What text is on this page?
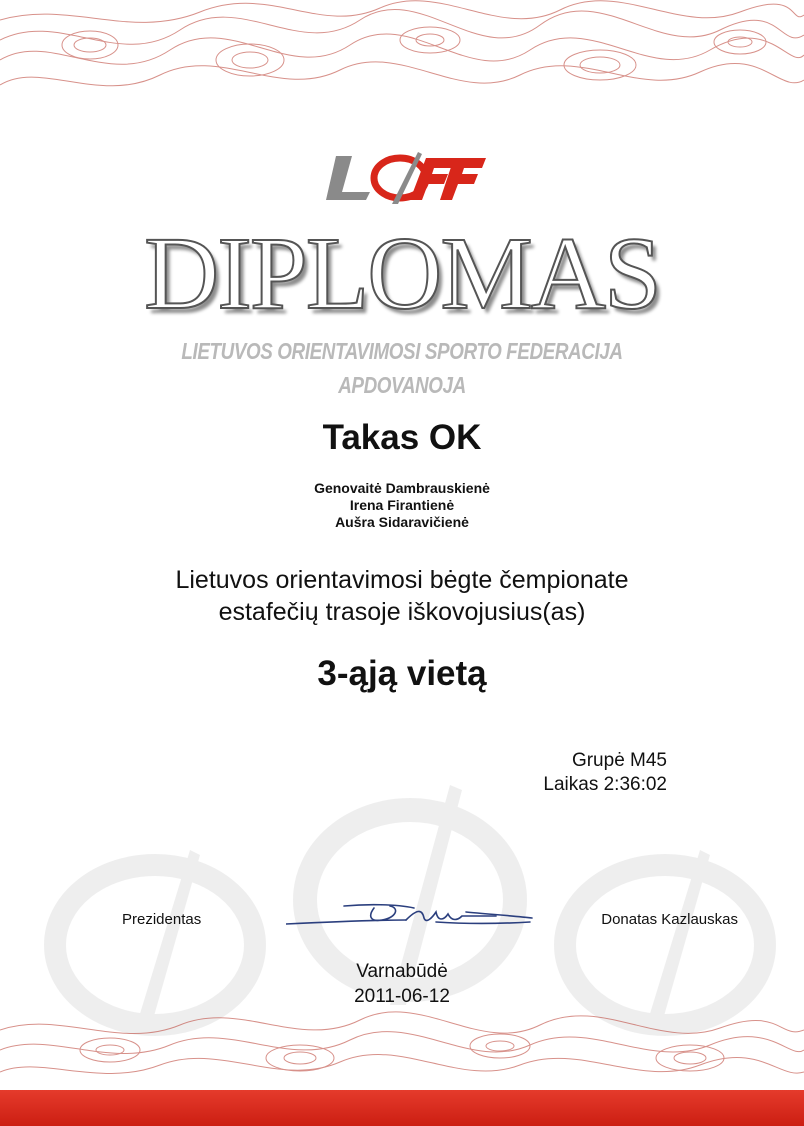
DIPLOMAS
LIETUVOS ORIENTAVIMOSI SPORTO FEDERACIJA
APDOVANOJA
Takas OK
Genovaitė Dambrauskienė
Irena Firantienė
Aušra Sidaravičienė
Lietuvos orientavimosi bėgte čempionate
estafečių trasoje iškovojusius(as)
3-ąją vietą
Grupė M45
Laikas 2:36:02
Prezidentas	Donatas Kazlauskas
Varnabūdė
2011-06-12
